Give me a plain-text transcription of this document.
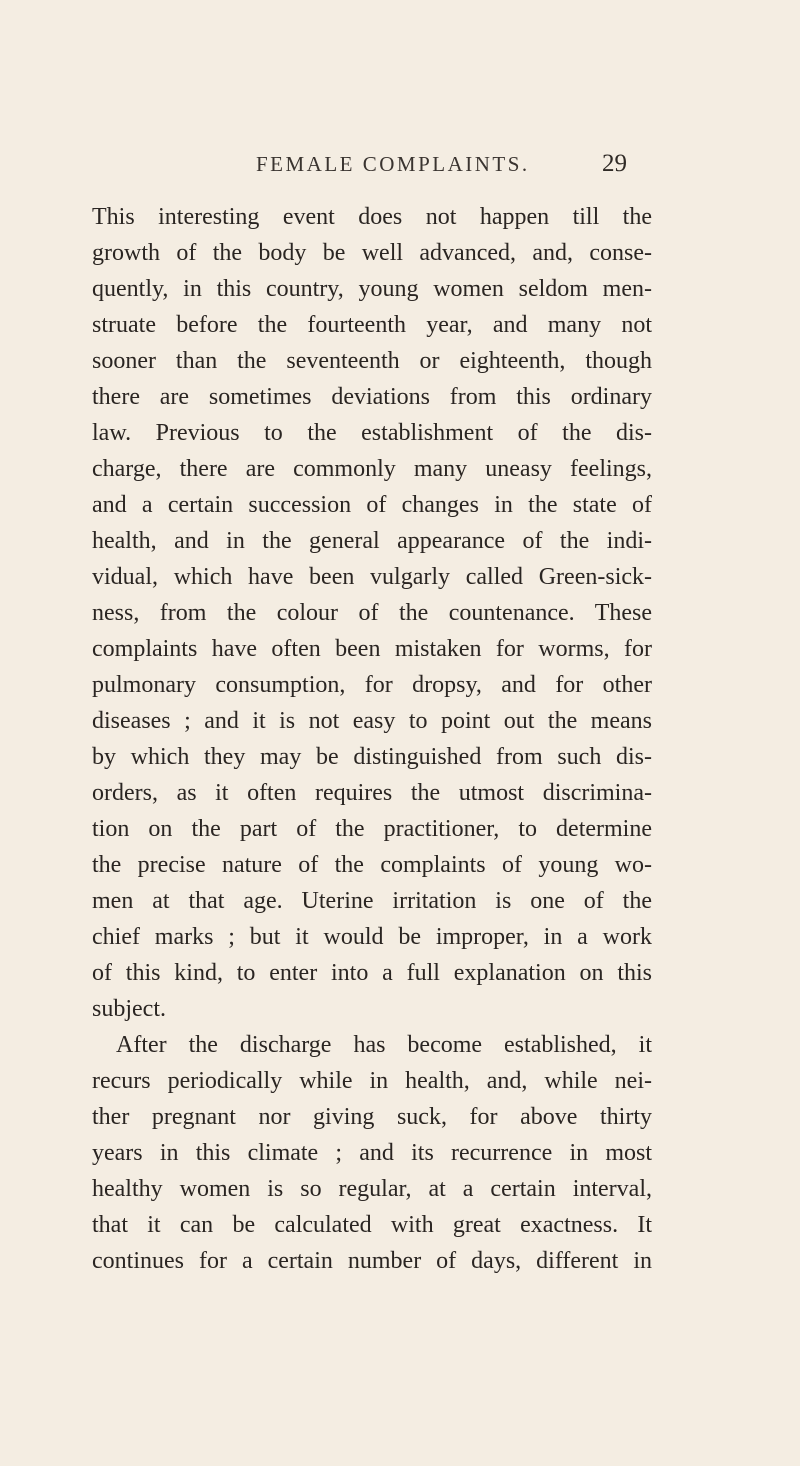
FEMALE COMPLAINTS.	29
This interesting event does not happen till the
growth of the body be well advanced, and, conse-
quently, in this country, young women seldom men-
struate before the fourteenth year, and many not
sooner than the seventeenth or eighteenth, though
there are sometimes deviations from this ordinary
law. Previous to the establishment of the dis-
charge, there are commonly many uneasy feelings,
and a certain succession of changes in the state of
health, and in the general appearance of the indi-
vidual, which have been vulgarly called Green-sick-
ness, from the colour of the countenance. These
complaints have often been mistaken for worms, for
pulmonary consumption, for dropsy, and for other
diseases ; and it is not easy to point out the means
by which they may be distinguished from such dis-
orders, as it often requires the utmost discrimina-
tion on the part of the practitioner, to determine
the precise nature of the complaints of young wo-
men at that age. Uterine irritation is one of the
chief marks ; but it would be improper, in a work
of this kind, to enter into a full explanation on this
subject.
After the discharge has become established, it
recurs periodically while in health, and, while nei-
ther pregnant nor giving suck, for above thirty
years in this climate ; and its recurrence in most
healthy women is so regular, at a certain interval,
that it can be calculated with great exactness. It
continues for a certain number of days, different in
